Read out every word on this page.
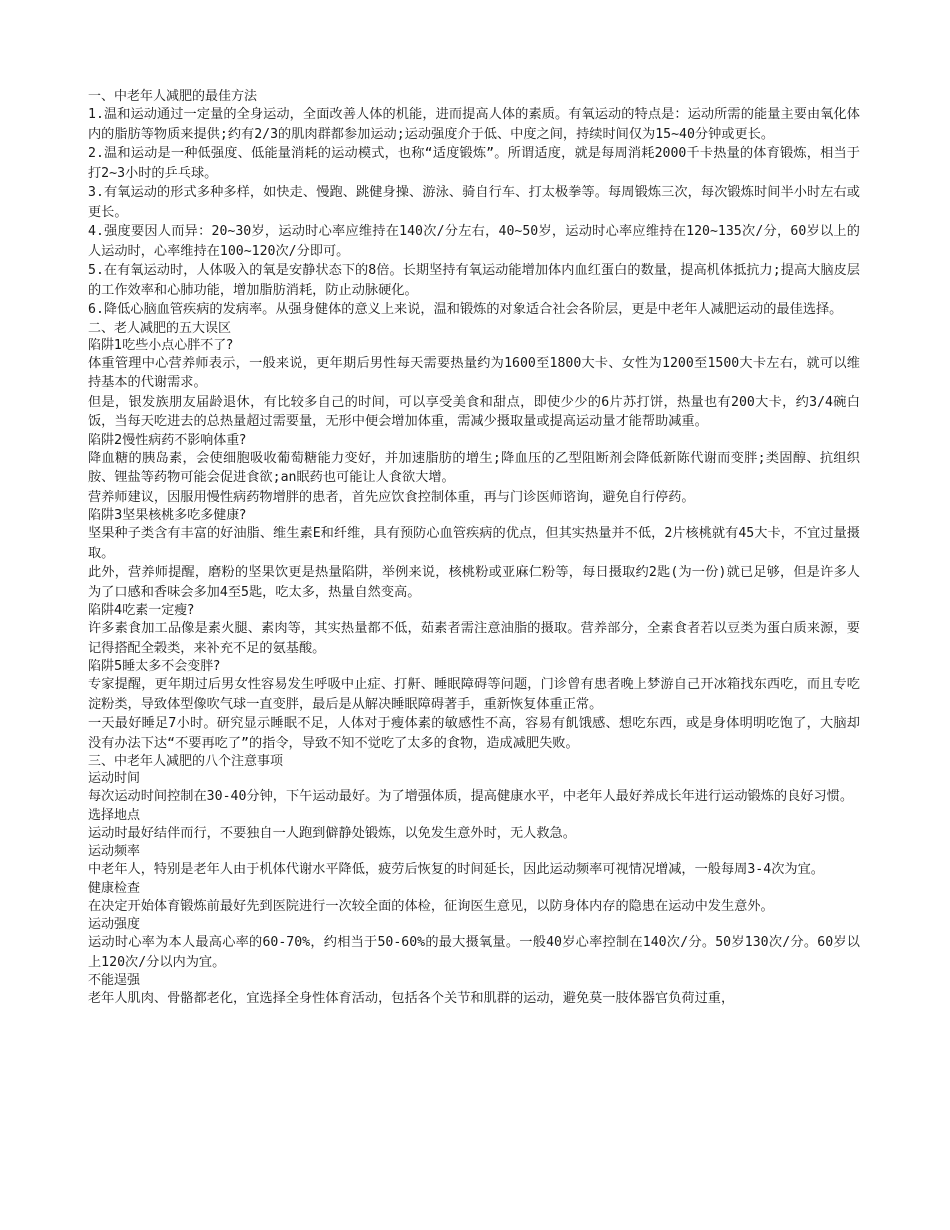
一、中老年人减肥的最佳方法

1.温和运动通过一定量的全身运动，全面改善人体的机能，进而提高人体的素质。有氧运动的特点是：运动所需的能量主要由氧化体内的脂肪等物质来提供;约有2/3的肌肉群都参加运动;运动强度介于低、中度之间，持续时间仅为15~40分钟或更长。

2.温和运动是一种低强度、低能量消耗的运动模式，也称“适度锻炼”。所谓适度，就是每周消耗2000千卡热量的体育锻炼，相当于打2~3小时的乒乓球。

3.有氧运动的形式多种多样，如快走、慢跑、跳健身操、游泳、骑自行车、打太极拳等。每周锻炼三次，每次锻炼时间半小时左右或更长。

4.强度要因人而异：20~30岁，运动时心率应维持在140次/分左右，40~50岁，运动时心率应维持在120~135次/分，60岁以上的人运动时，心率维持在100~120次/分即可。

5.在有氧运动时，人体吸入的氧是安静状态下的8倍。长期坚持有氧运动能增加体内血红蛋白的数量，提高机体抵抗力;提高大脑皮层的工作效率和心肺功能，增加脂肪消耗，防止动脉硬化。

6.降低心脑血管疾病的发病率。从强身健体的意义上来说，温和锻炼的对象适合社会各阶层，更是中老年人减肥运动的最佳选择。

二、老人减肥的五大误区

陷阱1吃些小点心胖不了?

体重管理中心营养师表示，一般来说，更年期后男性每天需要热量约为1600至1800大卡、女性为1200至1500大卡左右，就可以维持基本的代谢需求。

但是，银发族朋友届龄退休，有比较多自己的时间，可以享受美食和甜点，即使少少的6片苏打饼，热量也有200大卡，约3/4碗白饭，当每天吃进去的总热量超过需要量，无形中便会增加体重，需减少摄取量或提高运动量才能帮助减重。

陷阱2慢性病药不影响体重?

降血糖的胰岛素，会使细胞吸收葡萄糖能力变好，并加速脂肪的增生;降血压的乙型阻断剂会降低新陈代谢而变胖;类固醇、抗组织胺、锂盐等药物可能会促进食欲;an眠药也可能让人食欲大增。

营养师建议，因服用慢性病药物增胖的患者，首先应饮食控制体重，再与门诊医师谘询，避免自行停药。

陷阱3坚果核桃多吃多健康?

坚果种子类含有丰富的好油脂、维生素E和纤维，具有预防心血管疾病的优点，但其实热量并不低，2片核桃就有45大卡，不宜过量摄取。

此外，营养师提醒，磨粉的坚果饮更是热量陷阱，举例来说，核桃粉或亚麻仁粉等，每日摄取约2匙(为一份)就已足够，但是许多人为了口感和香味会多加4至5匙，吃太多，热量自然变高。

陷阱4吃素一定瘦?

许多素食加工品像是素火腿、素肉等，其实热量都不低，茹素者需注意油脂的摄取。营养部分，全素食者若以豆类为蛋白质来源，要记得搭配全榖类，来补充不足的氨基酸。

陷阱5睡太多不会变胖?

专家提醒，更年期过后男女性容易发生呼吸中止症、打鼾、睡眠障碍等问题，门诊曾有患者晚上梦游自己开冰箱找东西吃，而且专吃淀粉类，导致体型像吹气球一直变胖，最后是从解决睡眠障碍著手，重新恢复体重正常。

一天最好睡足7小时。研究显示睡眠不足，人体对于瘦体素的敏感性不高，容易有飢饿感、想吃东西，或是身体明明吃饱了，大脑却没有办法下达“不要再吃了”的指令，导致不知不觉吃了太多的食物，造成减肥失败。

三、中老年人减肥的八个注意事项

运动时间

每次运动时间控制在30-40分钟，下午运动最好。为了增强体质，提高健康水平，中老年人最好养成长年进行运动锻炼的良好习惯。

选择地点

运动时最好结伴而行，不要独自一人跑到僻静处锻炼，以免发生意外时，无人救急。

运动频率

中老年人，特别是老年人由于机体代谢水平降低，疲劳后恢复的时间延长，因此运动频率可视情况增减，一般每周3-4次为宜。

健康检查

在决定开始体育锻炼前最好先到医院进行一次较全面的体检，征询医生意见，以防身体内存的隐患在运动中发生意外。

运动强度

运动时心率为本人最高心率的60-70%，约相当于50-60%的最大摄氧量。一般40岁心率控制在140次/分。50岁130次/分。60岁以上120次/分以内为宜。

不能逞强

老年人肌肉、骨骼都老化，宜选择全身性体育活动，包括各个关节和肌群的运动，避免莫一肢体器官负荷过重，
